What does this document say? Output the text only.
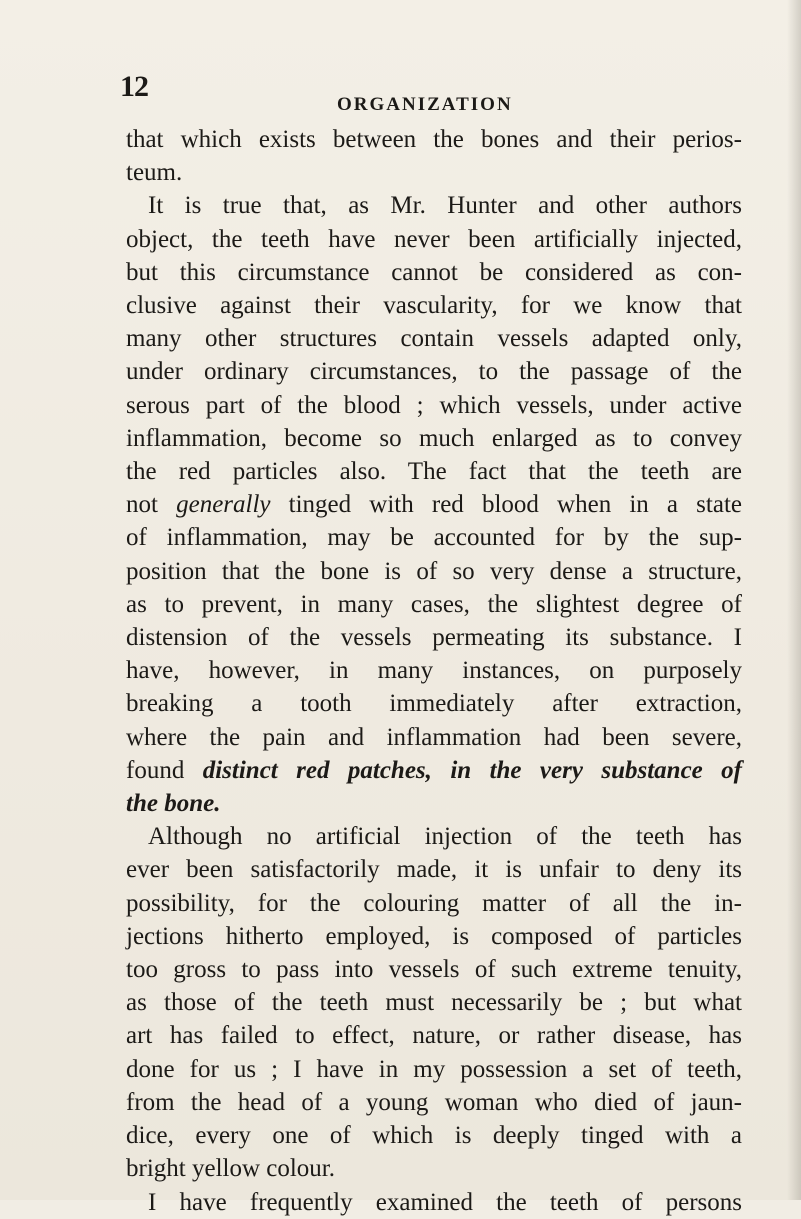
12
ORGANIZATION
that which exists between the bones and their perios-
teum.
It is true that, as Mr. Hunter and other authors
object, the teeth have never been artificially injected,
but this circumstance cannot be considered as con-
clusive against their vascularity, for we know that
many other structures contain vessels adapted only,
under ordinary circumstances, to the passage of the
serous part of the blood ; which vessels, under active
inflammation, become so much enlarged as to convey
the red particles also. The fact that the teeth are
not generally tinged with red blood when in a state
of inflammation, may be accounted for by the sup-
position that the bone is of so very dense a structure,
as to prevent, in many cases, the slightest degree of
distension of the vessels permeating its substance. I
have, however, in many instances, on purposely
breaking a tooth immediately after extraction,
where the pain and inflammation had been severe,
found distinct red patches, in the very substance of
the bone.
Although no artificial injection of the teeth has
ever been satisfactorily made, it is unfair to deny its
possibility, for the colouring matter of all the in-
jections hitherto employed, is composed of particles
too gross to pass into vessels of such extreme tenuity,
as those of the teeth must necessarily be ; but what
art has failed to effect, nature, or rather disease, has
done for us ; I have in my possession a set of teeth,
from the head of a young woman who died of jaun-
dice, every one of which is deeply tinged with a
bright yellow colour.
I have frequently examined the teeth of persons
